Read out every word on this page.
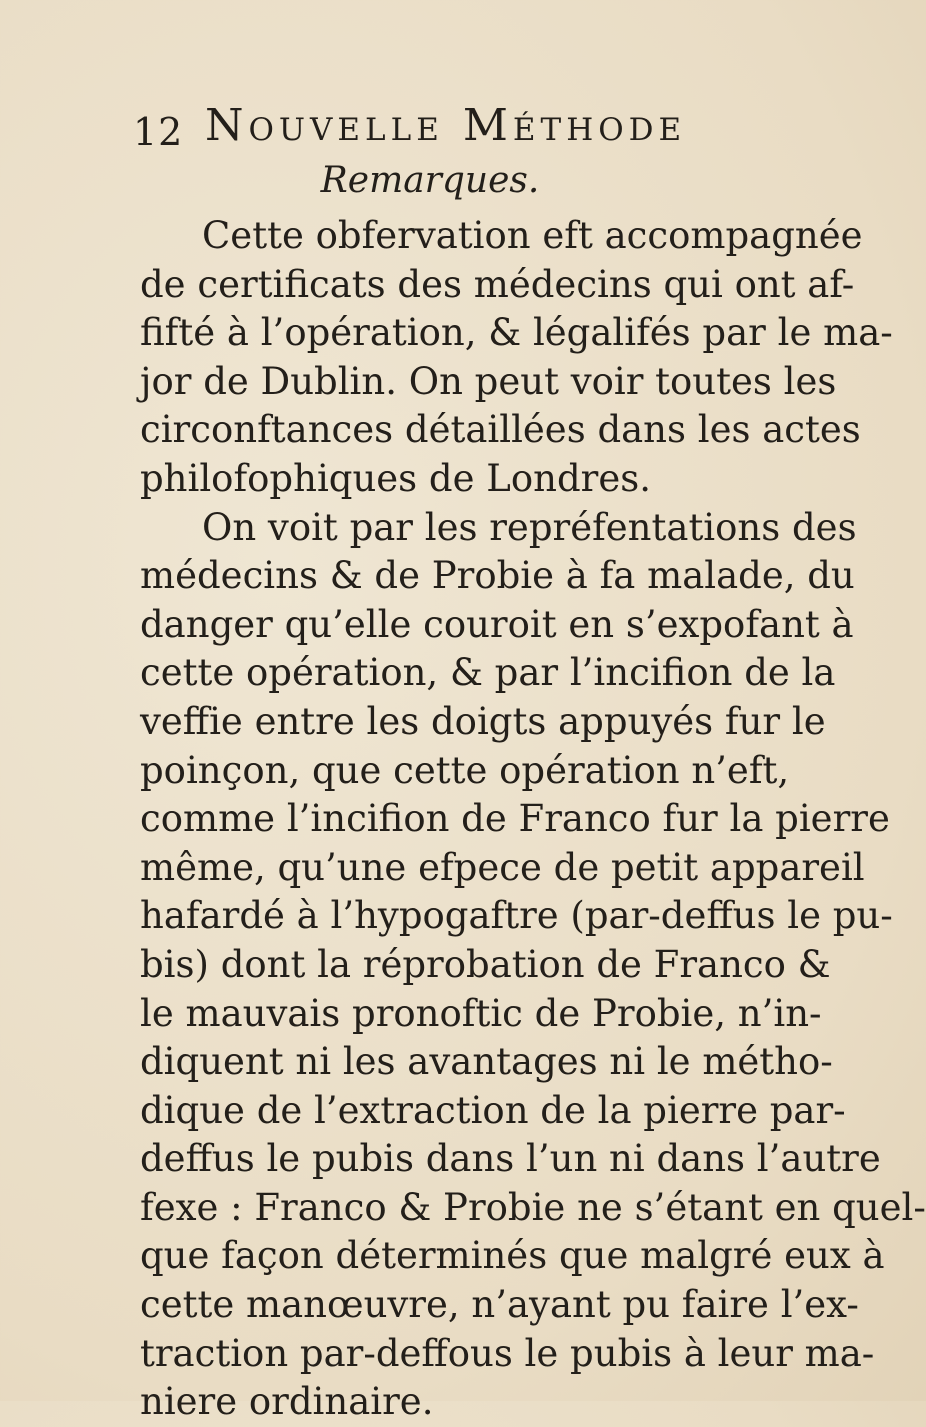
12 Nouvelle Méthode
Remarques.
Cette obfervation eft accompagnée
de certificats des médecins qui ont af-
fifté à l’opération, & légalifés par le ma-
jor de Dublin. On peut voir toutes les
circonftances détaillées dans les actes
philofophiques de Londres.
On voit par les repréfentations des
médecins & de Probie à fa malade, du
danger qu’elle couroit en s’expofant à
cette opération, & par l’incifion de la
veffie entre les doigts appuyés fur le
poinçon, que cette opération n’eft,
comme l’incifion de Franco fur la pierre
même, qu’une efpece de petit appareil
hafardé à l’hypogaftre (par-deffus le pu-
bis) dont la réprobation de Franco &
le mauvais pronoftic de Probie, n’in-
diquent ni les avantages ni le métho-
dique de l’extraction de la pierre par-
deffus le pubis dans l’un ni dans l’autre
fexe : Franco & Probie ne s’étant en quel-
que façon déterminés que malgré eux à
cette manœuvre, n’ayant pu faire l’ex-
traction par-deffous le pubis à leur ma-
niere ordinaire.
